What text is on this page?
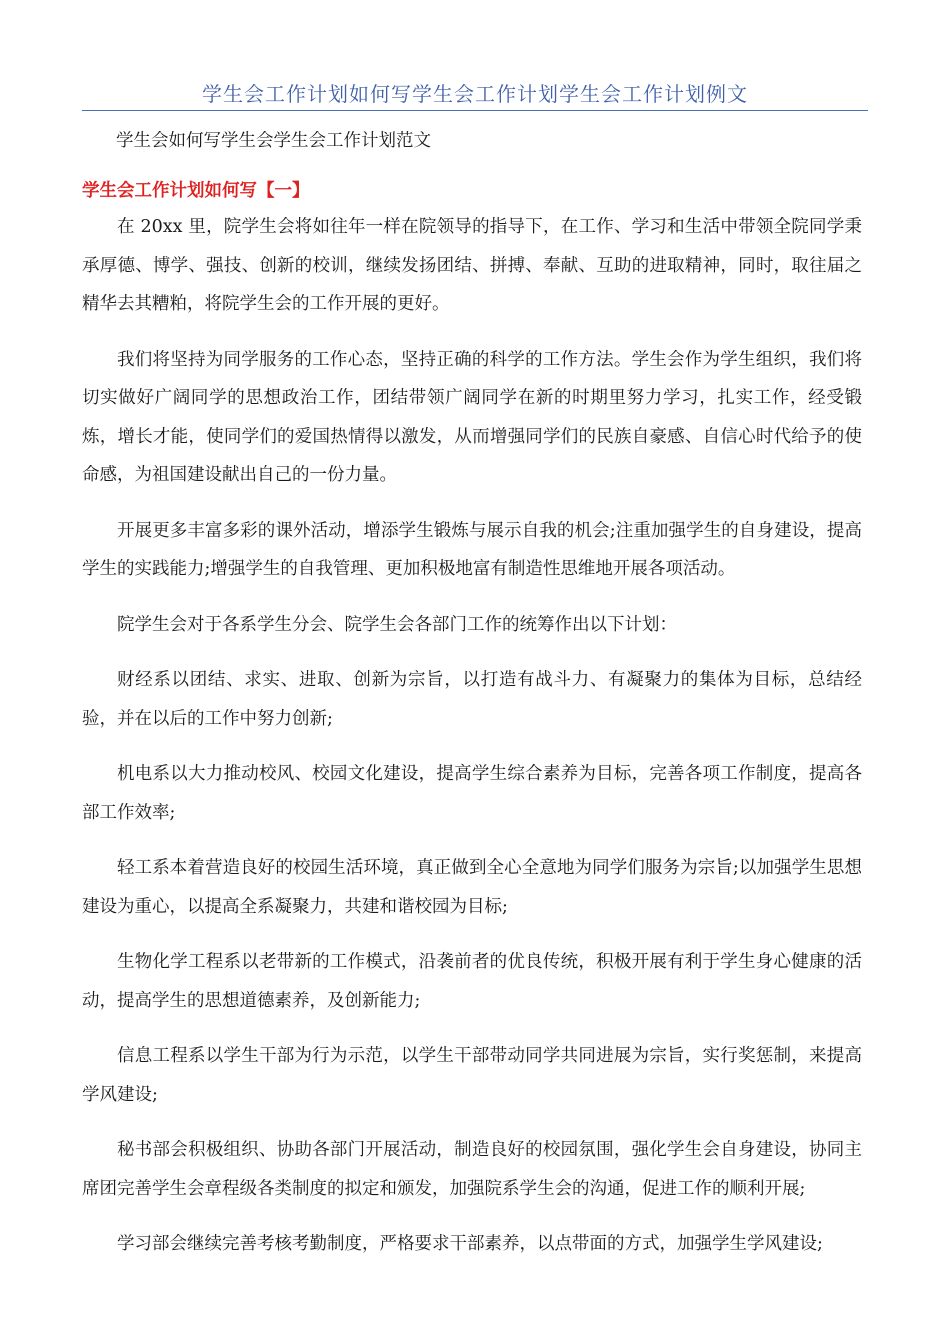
学生会工作计划如何写学生会工作计划学生会工作计划例文
学生会如何写学生会学生会工作计划范文
学生会工作计划如何写【一】

在 20xx 里，院学生会将如往年一样在院领导的指导下，在工作、学习和生活中带领全院同学秉承厚德、博学、强技、创新的校训，继续发扬团结、拼搏、奉献、互助的进取精神，同时，取往届之精华去其糟粕，将院学生会的工作开展的更好。

我们将坚持为同学服务的工作心态，坚持正确的科学的工作方法。学生会作为学生组织，我们将切实做好广阔同学的思想政治工作，团结带领广阔同学在新的时期里努力学习，扎实工作，经受锻炼，增长才能，使同学们的爱国热情得以激发，从而增强同学们的民族自豪感、自信心时代给予的使命感，为祖国建设献出自己的一份力量。

开展更多丰富多彩的课外活动，增添学生锻炼与展示自我的机会;注重加强学生的自身建设，提高学生的实践能力;增强学生的自我管理、更加积极地富有制造性思维地开展各项活动。

院学生会对于各系学生分会、院学生会各部门工作的统筹作出以下计划：

财经系以团结、求实、进取、创新为宗旨，以打造有战斗力、有凝聚力的集体为目标，总结经验，并在以后的工作中努力创新;

机电系以大力推动校风、校园文化建设，提高学生综合素养为目标，完善各项工作制度，提高各部工作效率;

轻工系本着营造良好的校园生活环境，真正做到全心全意地为同学们服务为宗旨;以加强学生思想建设为重心，以提高全系凝聚力，共建和谐校园为目标;

生物化学工程系以老带新的工作模式，沿袭前者的优良传统，积极开展有利于学生身心健康的活动，提高学生的思想道德素养，及创新能力;

信息工程系以学生干部为行为示范，以学生干部带动同学共同进展为宗旨，实行奖惩制，来提高学风建设;

秘书部会积极组织、协助各部门开展活动，制造良好的校园氛围，强化学生会自身建设，协同主席团完善学生会章程级各类制度的拟定和颁发，加强院系学生会的沟通，促进工作的顺利开展;

学习部会继续完善考核考勤制度，严格要求干部素养，以点带面的方式，加强学生学风建设;
